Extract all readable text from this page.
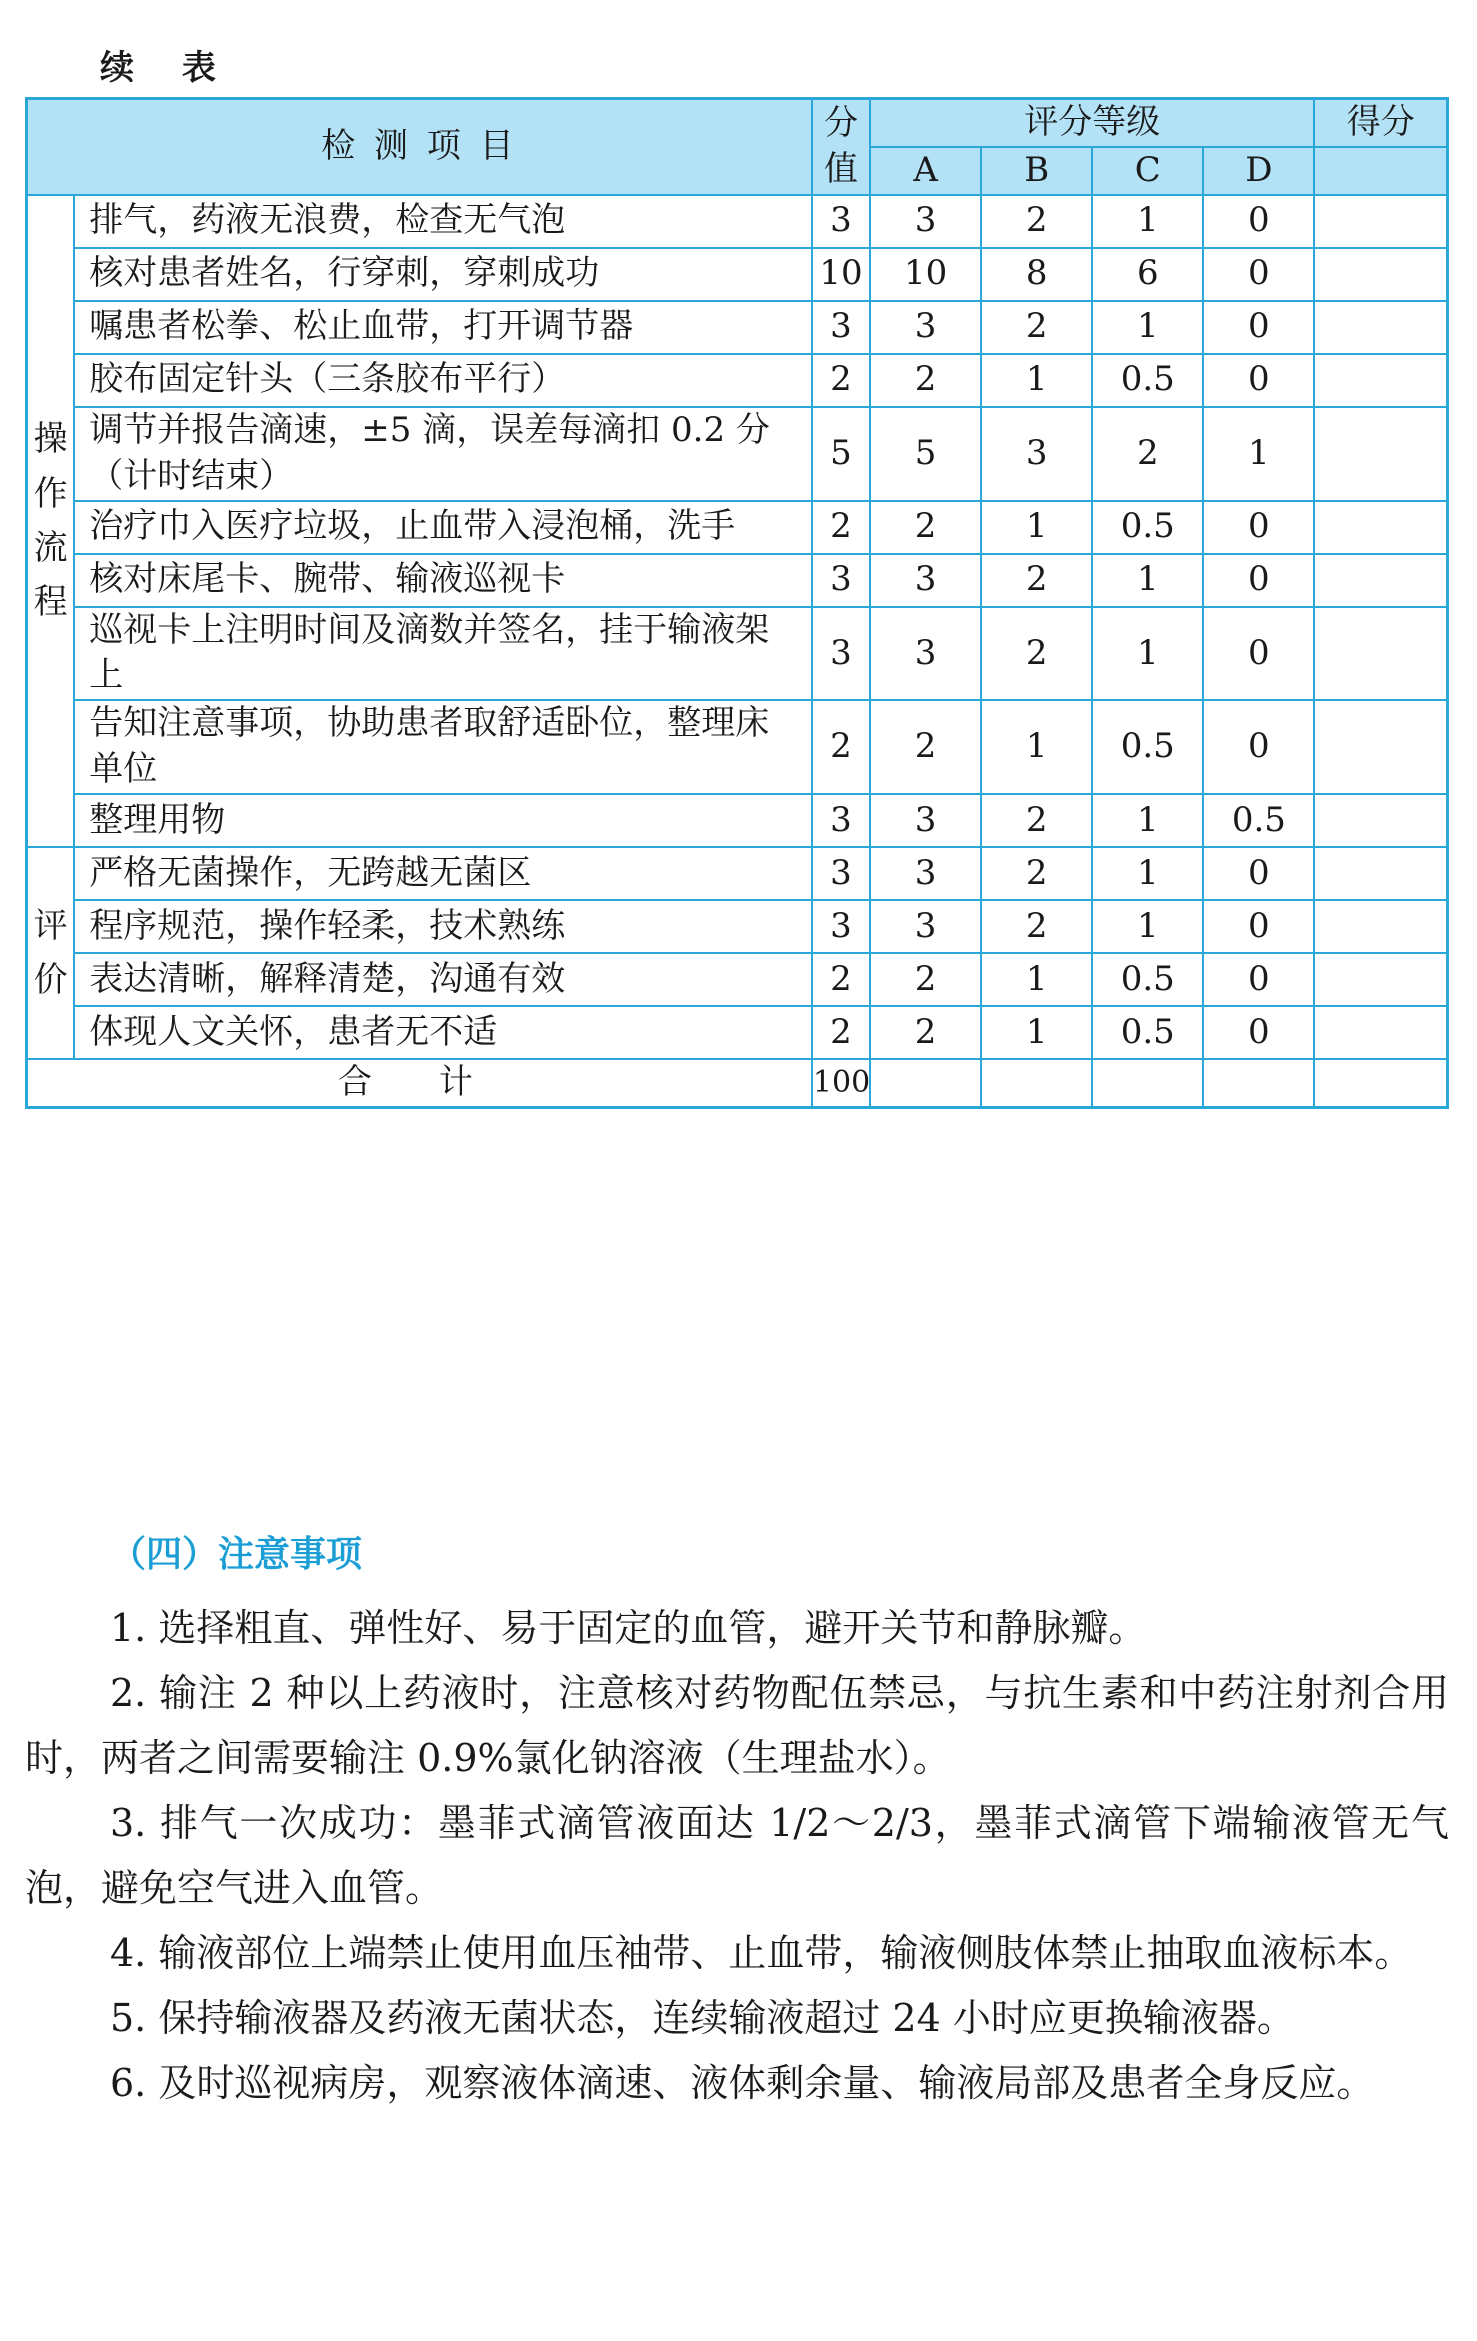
续 表
检 测 项 目		分值	评分等级				得分
			A	B	C	D	

操作流程	排气，药液无浪费，检查无气泡	3	3	2	1	0	
	核对患者姓名，行穿刺，穿刺成功	10	10	8	6	0	
	嘱患者松拳、松止血带，打开调节器	3	3	2	1	0	
	胶布固定针头（三条胶布平行）	2	2	1	0.5	0	
	调节并报告滴速，±5 滴，误差每滴扣 0.2 分（计时结束）	5	5	3	2	1	
	治疗巾入医疗垃圾，止血带入浸泡桶，洗手	2	2	1	0.5	0	
	核对床尾卡、腕带、输液巡视卡	3	3	2	1	0	
	巡视卡上注明时间及滴数并签名，挂于输液架上	3	3	2	1	0	
	告知注意事项，协助患者取舒适卧位，整理床单位	2	2	1	0.5	0	
	整理用物	3	3	2	1	0.5	

评价	严格无菌操作，无跨越无菌区	3	3	2	1	0	
	程序规范，操作轻柔，技术熟练	3	3	2	1	0	
	表达清晰，解释清楚，沟通有效	2	2	1	0.5	0	
	体现人文关怀，患者无不适	2	2	1	0.5	0	
合 计		100					
（四）注意事项

1. 选择粗直、弹性好、易于固定的血管，避开关节和静脉瓣。

2. 输注 2 种以上药液时，注意核对药物配伍禁忌，与抗生素和中药注射剂合用时，两者之间需要输注 0.9%氯化钠溶液（生理盐水）。

3. 排气一次成功：墨菲式滴管液面达 1/2～2/3，墨菲式滴管下端输液管无气泡，避免空气进入血管。

4. 输液部位上端禁止使用血压袖带、止血带，输液侧肢体禁止抽取血液标本。

5. 保持输液器及药液无菌状态，连续输液超过 24 小时应更换输液器。

6. 及时巡视病房，观察液体滴速、液体剩余量、输液局部及患者全身反应。
